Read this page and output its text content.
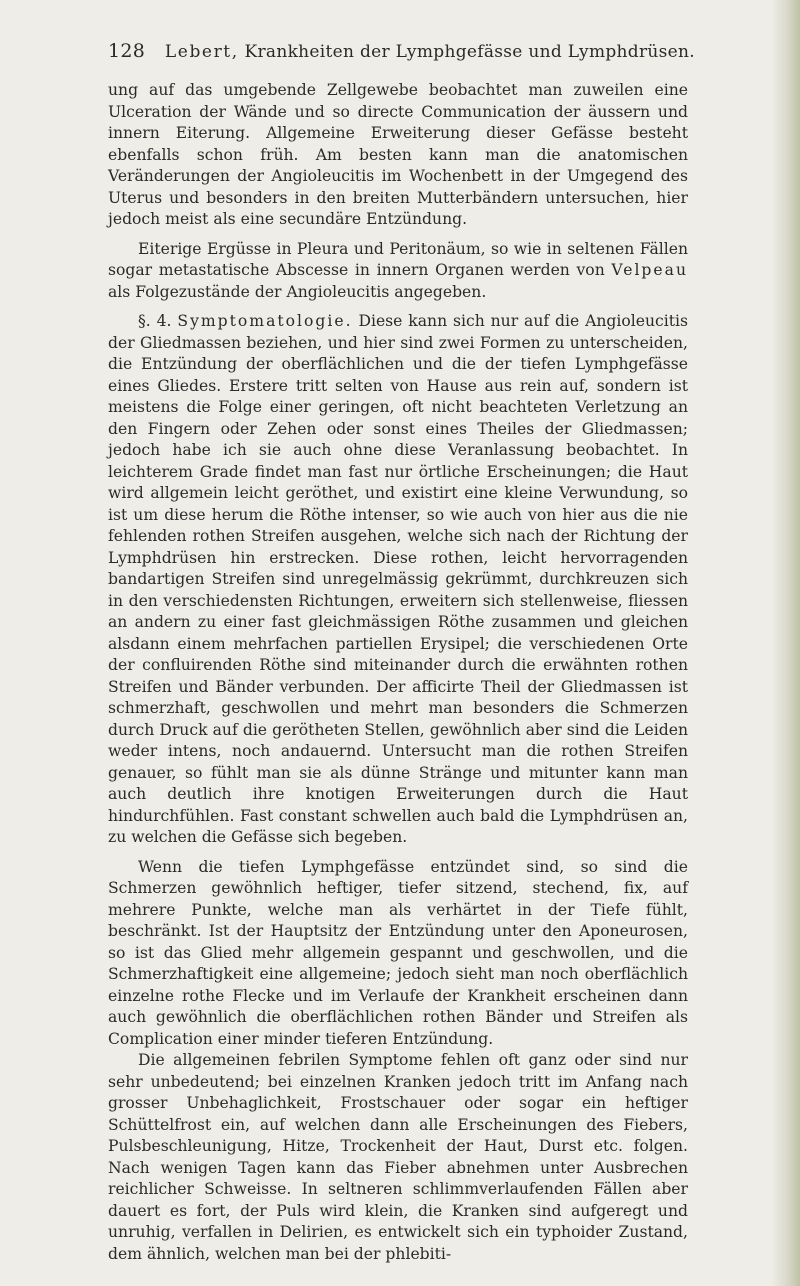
128 Lebert, Krankheiten der Lymphgefässe und Lymphdrüsen.

ung auf das umgebende Zellgewebe beobachtet man zuweilen eine Ulceration der Wände und so directe Communication der äussern und innern Eiterung. Allgemeine Erweiterung dieser Gefässe besteht ebenfalls schon früh. Am besten kann man die anatomischen Veränderungen der Angioleucitis im Wochenbett in der Umgegend des Uterus und besonders in den breiten Mutterbändern untersuchen, hier jedoch meist als eine secundäre Entzündung.

Eiterige Ergüsse in Pleura und Peritonäum, so wie in seltenen Fällen sogar metastatische Abscesse in innern Organen werden von Velpeau als Folgezustände der Angioleucitis angegeben.

§. 4. Symptomatologie. Diese kann sich nur auf die Angioleucitis der Gliedmassen beziehen, und hier sind zwei Formen zu unterscheiden, die Entzündung der oberflächlichen und die der tiefen Lymphgefässe eines Gliedes. Erstere tritt selten von Hause aus rein auf, sondern ist meistens die Folge einer geringen, oft nicht beachteten Verletzung an den Fingern oder Zehen oder sonst eines Theiles der Gliedmassen; jedoch habe ich sie auch ohne diese Veranlassung beobachtet. In leichterem Grade findet man fast nur örtliche Erscheinungen; die Haut wird allgemein leicht geröthet, und existirt eine kleine Verwundung, so ist um diese herum die Röthe intenser, so wie auch von hier aus die nie fehlenden rothen Streifen ausgehen, welche sich nach der Richtung der Lymphdrüsen hin erstrecken. Diese rothen, leicht hervorragenden bandartigen Streifen sind unregelmässig gekrümmt, durchkreuzen sich in den verschiedensten Richtungen, erweitern sich stellenweise, fliessen an andern zu einer fast gleichmässigen Röthe zusammen und gleichen alsdann einem mehrfachen partiellen Erysipel; die verschiedenen Orte der confluirenden Röthe sind miteinander durch die erwähnten rothen Streifen und Bänder verbunden. Der afficirte Theil der Gliedmassen ist schmerzhaft, geschwollen und mehrt man besonders die Schmerzen durch Druck auf die gerötheten Stellen, gewöhnlich aber sind die Leiden weder intens, noch andauernd. Untersucht man die rothen Streifen genauer, so fühlt man sie als dünne Stränge und mitunter kann man auch deutlich ihre knotigen Erweiterungen durch die Haut hindurchfühlen. Fast constant schwellen auch bald die Lymphdrüsen an, zu welchen die Gefässe sich begeben.

Wenn die tiefen Lymphgefässe entzündet sind, so sind die Schmerzen gewöhnlich heftiger, tiefer sitzend, stechend, fix, auf mehrere Punkte, welche man als verhärtet in der Tiefe fühlt, beschränkt. Ist der Hauptsitz der Entzündung unter den Aponeurosen, so ist das Glied mehr allgemein gespannt und geschwollen, und die Schmerzhaftigkeit eine allgemeine; jedoch sieht man noch oberflächlich einzelne rothe Flecke und im Verlaufe der Krankheit erscheinen dann auch gewöhnlich die oberflächlichen rothen Bänder und Streifen als Complication einer minder tieferen Entzündung.

Die allgemeinen febrilen Symptome fehlen oft ganz oder sind nur sehr unbedeutend; bei einzelnen Kranken jedoch tritt im Anfang nach grosser Unbehaglichkeit, Frostschauer oder sogar ein heftiger Schüttelfrost ein, auf welchen dann alle Erscheinungen des Fiebers, Pulsbeschleunigung, Hitze, Trockenheit der Haut, Durst etc. folgen. Nach wenigen Tagen kann das Fieber abnehmen unter Ausbrechen reichlicher Schweisse. In seltneren schlimmverlaufenden Fällen aber dauert es fort, der Puls wird klein, die Kranken sind aufgeregt und unruhig, verfallen in Delirien, es entwickelt sich ein typhoider Zustand, dem ähnlich, welchen man bei der phlebiti-
